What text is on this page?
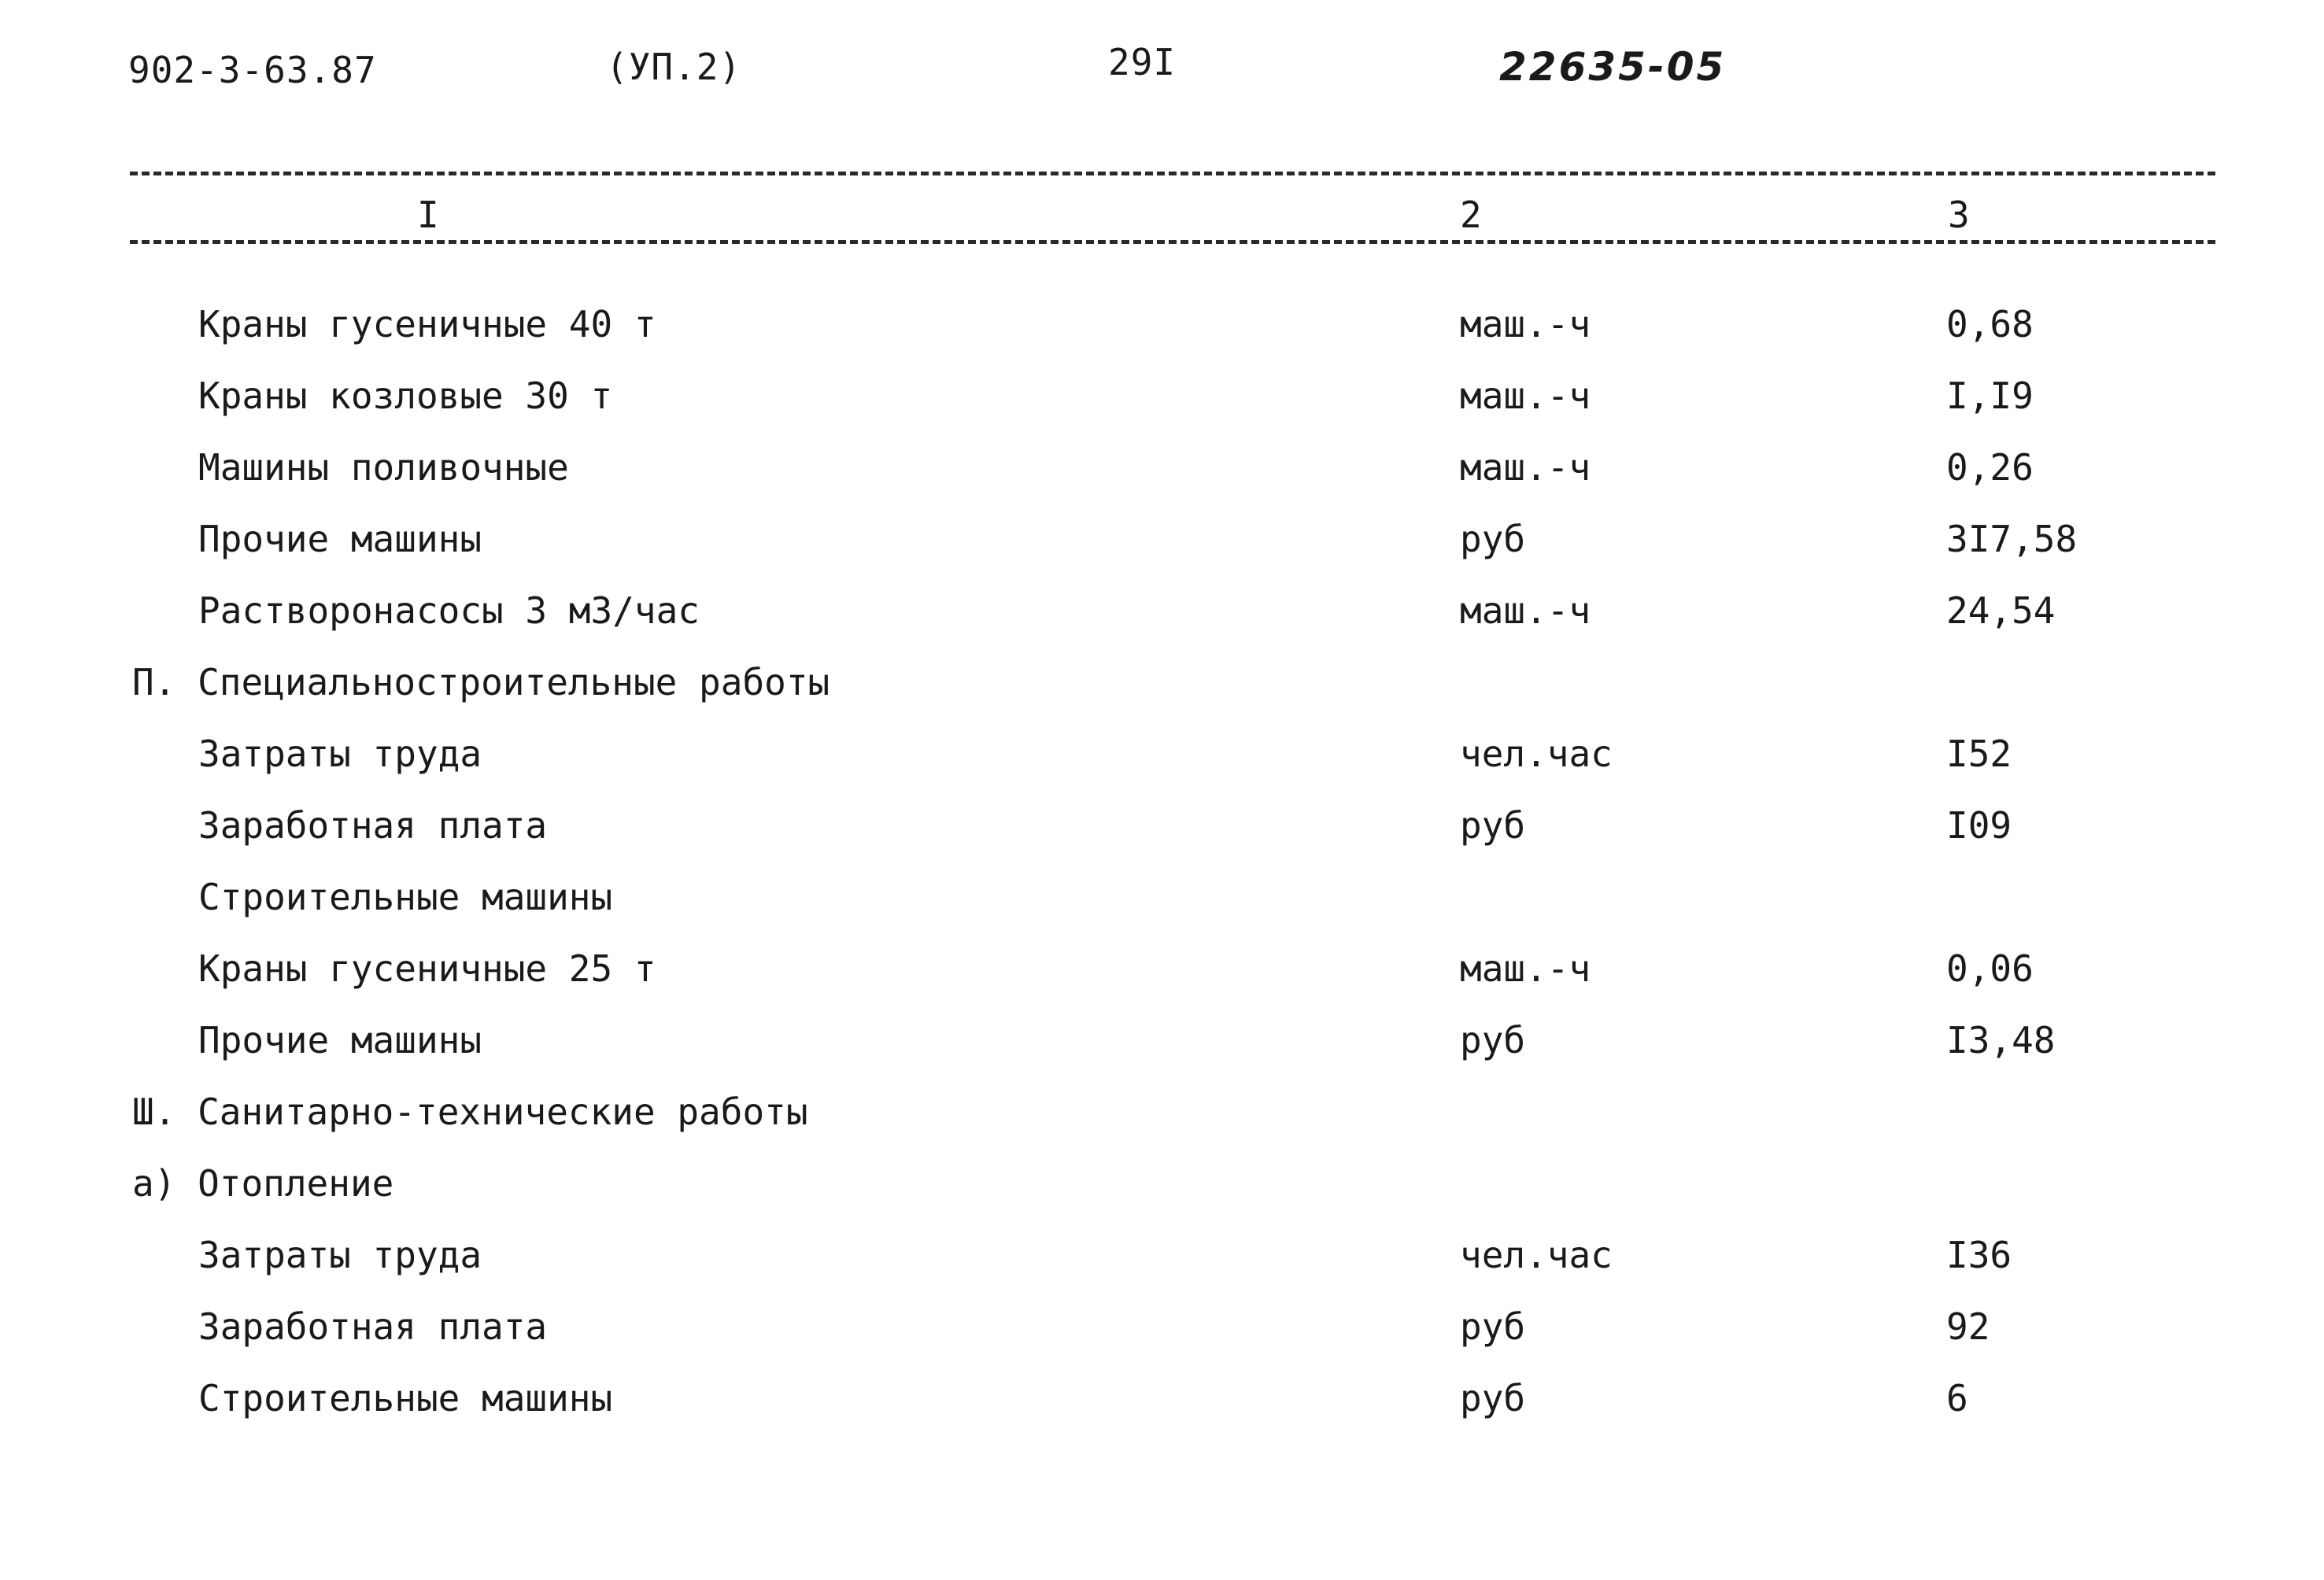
902-3-63.87	(УП.2)	29I	22635-05
I	2	3
Краны гусеничные 40 т	маш.-ч	0,68
Краны козловые 30 т	маш.-ч	I,I9
Машины поливочные	маш.-ч	0,26
Прочие машины	руб	3I7,58
Растворонасосы 3 м3/час	маш.-ч	24,54
П. Специальностроительные работы
Затраты труда	чел.час	I52
Заработная плата	руб	I09
Строительные машины
Краны гусеничные 25 т	маш.-ч	0,06
Прочие машины	руб	I3,48
Ш. Санитарно-технические работы
а) Отопление
Затраты труда	чел.час	I36
Заработная плата	руб	92
Строительные машины	руб	6
